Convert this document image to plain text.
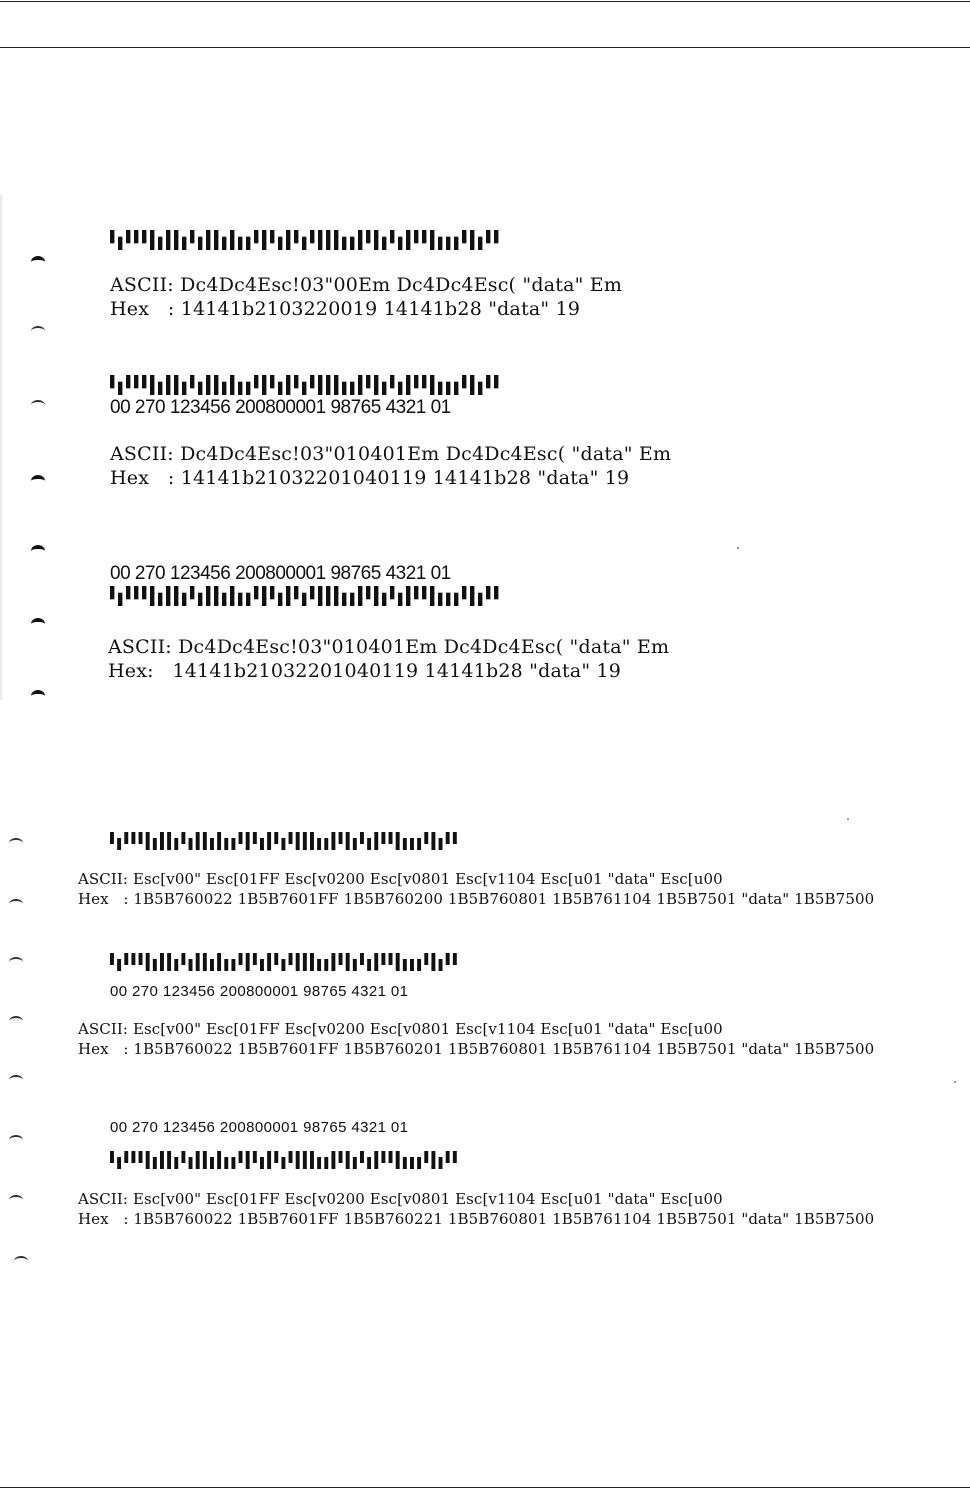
ASCII: Dc4Dc4Esc!03"00Em Dc4Dc4Esc( "data" Em
Hex   : 14141b2103220019 14141b28 "data" 19
00 270 123456 200800001 98765 4321 01
ASCII: Dc4Dc4Esc!03"010401Em Dc4Dc4Esc( "data" Em
Hex   : 14141b21032201040119 14141b28 "data" 19
00 270 123456 200800001 98765 4321 01
ASCII: Dc4Dc4Esc!03"010401Em Dc4Dc4Esc( "data" Em
Hex:   14141b21032201040119 14141b28 "data" 19
ASCII: Esc[v00" Esc[01FF Esc[v0200 Esc[v0801 Esc[v1104 Esc[u01 "data" Esc[u00
Hex   : 1B5B760022 1B5B7601FF 1B5B760200 1B5B760801 1B5B761104 1B5B7501 "data" 1B5B7500
00 270 123456 200800001 98765 4321 01
ASCII: Esc[v00" Esc[01FF Esc[v0200 Esc[v0801 Esc[v1104 Esc[u01 "data" Esc[u00
Hex   : 1B5B760022 1B5B7601FF 1B5B760201 1B5B760801 1B5B761104 1B5B7501 "data" 1B5B7500
00 270 123456 200800001 98765 4321 01
ASCII: Esc[v00" Esc[01FF Esc[v0200 Esc[v0801 Esc[v1104 Esc[u01 "data" Esc[u00
Hex   : 1B5B760022 1B5B7601FF 1B5B760221 1B5B760801 1B5B761104 1B5B7501 "data" 1B5B7500
